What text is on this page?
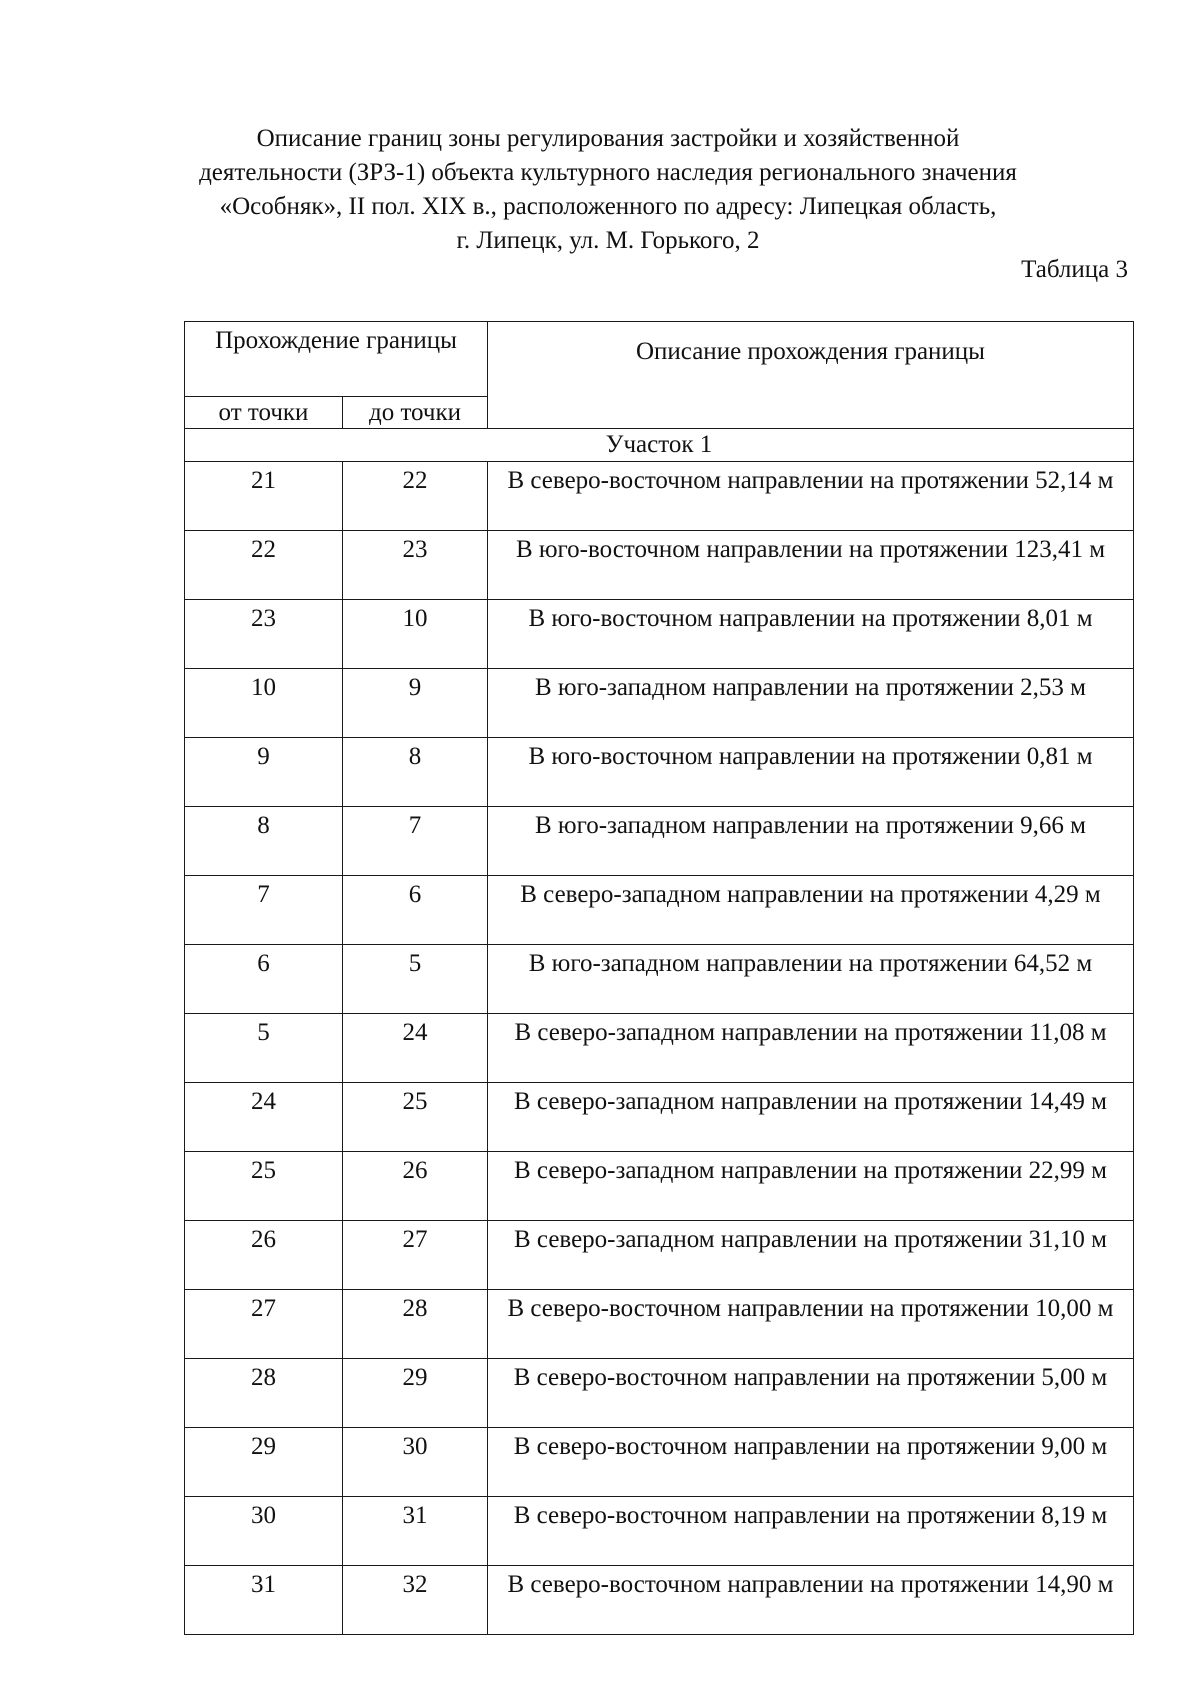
Описание границ зоны регулирования застройки и хозяйственной
деятельности (ЗРЗ-1) объекта культурного наследия регионального значения
«Особняк», II пол. XIX в., расположенного по адресу: Липецкая область,
г. Липецк, ул. М. Горького, 2
Таблица 3
Прохождение границы		Описание прохождения границы
от точки	до точки	
Участок 1		
21	22	В северо-восточном направлении на протяжении 52,14 м
22	23	В юго-восточном направлении на протяжении 123,41 м
23	10	В юго-восточном направлении на протяжении 8,01 м
10	9	В юго-западном направлении на протяжении 2,53 м
9	8	В юго-восточном направлении на протяжении 0,81 м
8	7	В юго-западном направлении на протяжении 9,66 м
7	6	В северо-западном направлении на протяжении 4,29 м
6	5	В юго-западном направлении на протяжении 64,52 м
5	24	В северо-западном направлении на протяжении 11,08 м
24	25	В северо-западном направлении на протяжении 14,49 м
25	26	В северо-западном направлении на протяжении 22,99 м
26	27	В северо-западном направлении на протяжении 31,10 м
27	28	В северо-восточном направлении на протяжении 10,00 м
28	29	В северо-восточном направлении на протяжении 5,00 м
29	30	В северо-восточном направлении на протяжении 9,00 м
30	31	В северо-восточном направлении на протяжении 8,19 м
31	32	В северо-восточном направлении на протяжении 14,90 м
